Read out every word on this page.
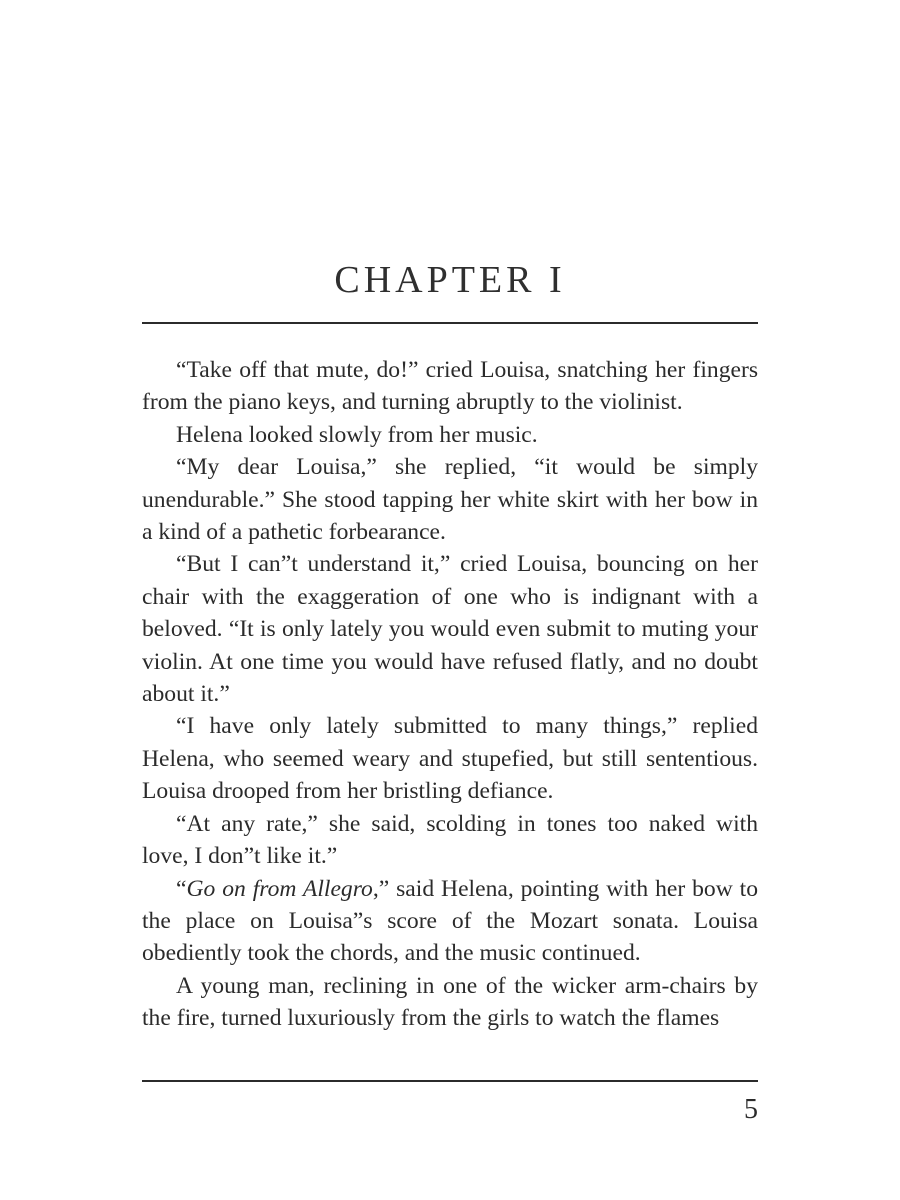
CHAPTER I

“Take off that mute, do!” cried Louisa, snatching her fingers from the piano keys, and turning abruptly to the violinist.

Helena looked slowly from her music.

“My dear Louisa,” she replied, “it would be simply unendurable.” She stood tapping her white skirt with her bow in a kind of a pathetic forbearance.

“But I can”t understand it,” cried Louisa, bouncing on her chair with the exaggeration of one who is indignant with a beloved. “It is only lately you would even submit to muting your violin. At one time you would have refused flatly, and no doubt about it.”

“I have only lately submitted to many things,” replied Helena, who seemed weary and stupefied, but still sententious. Louisa drooped from her bristling defiance.

“At any rate,” she said, scolding in tones too naked with love, I don”t like it.”

“Go on from Allegro,” said Helena, pointing with her bow to the place on Louisa”s score of the Mozart sonata. Louisa obediently took the chords, and the music continued.

A young man, reclining in one of the wicker arm-chairs by the fire, turned luxuriously from the girls to watch the flames

5
